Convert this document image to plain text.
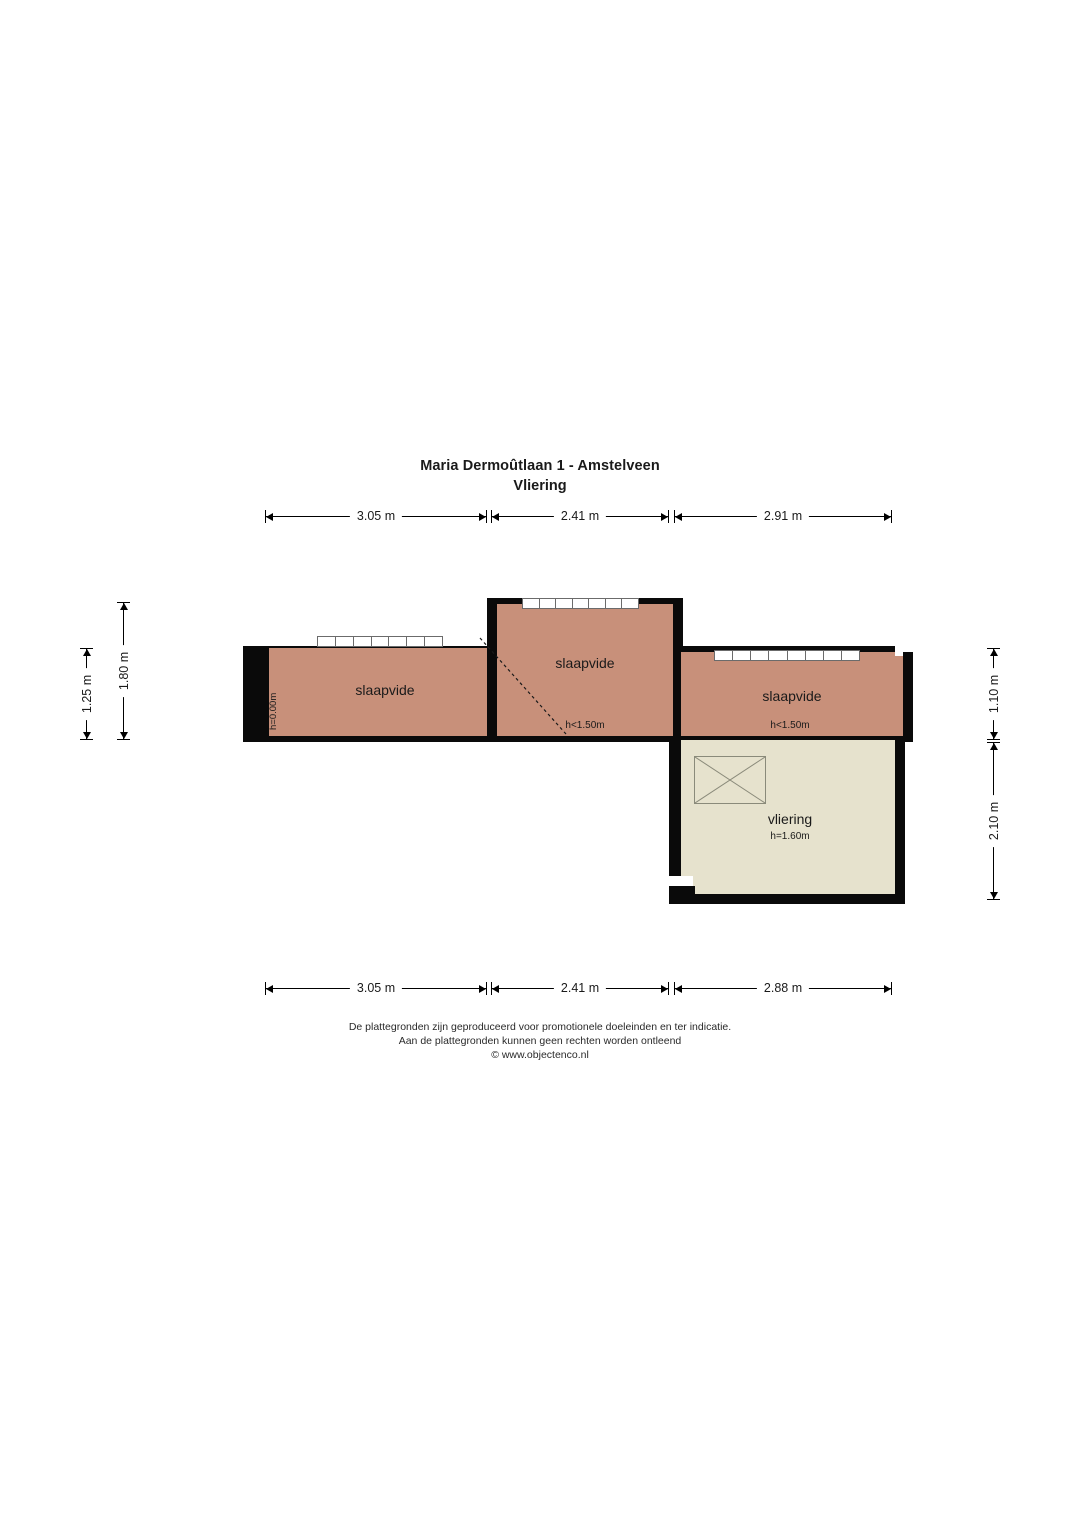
Maria Dermoûtlaan 1 - Amstelveen
Vliering
3.05 m	2.41 m	2.91 m
1.25 m
1.80 m
1.10 m
2.10 m
slaapvide
h=0.00m
slaapvide
h<1.50m
slaapvide
h<1.50m
vliering
h=1.60m
3.05 m	2.41 m	2.88 m
De plattegronden zijn geproduceerd voor promotionele doeleinden en ter indicatie.
Aan de plattegronden kunnen geen rechten worden ontleend
© www.objectenco.nl
